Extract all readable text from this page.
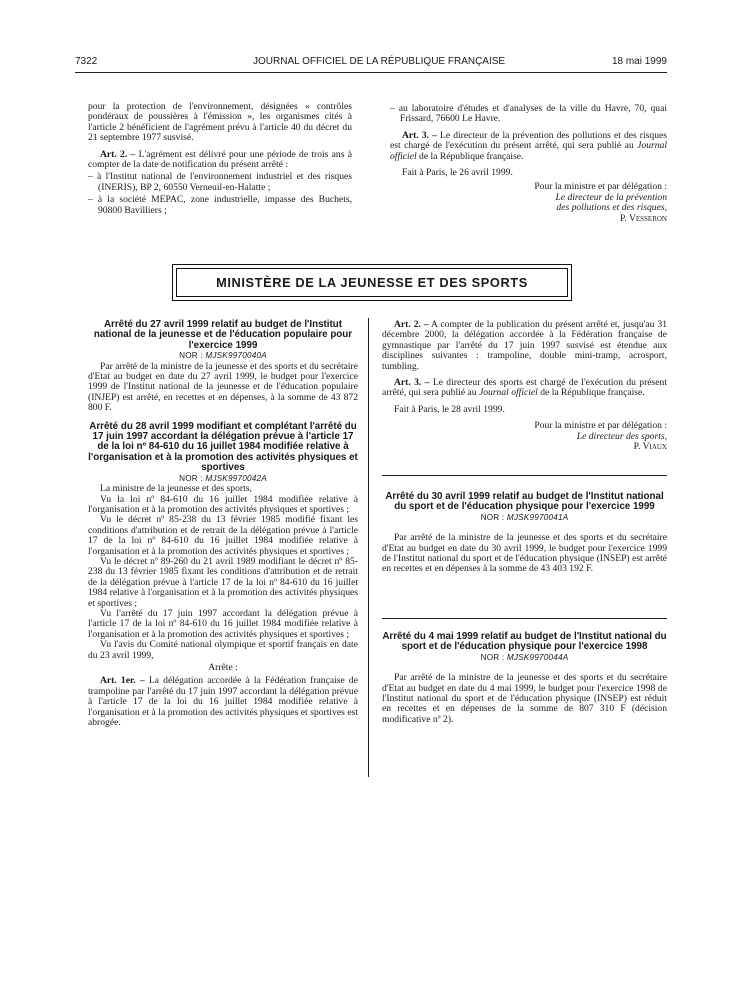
7322	JOURNAL OFFICIEL DE LA RÉPUBLIQUE FRANÇAISE	18 mai 1999

pour la protection de l'environnement, désignées « contrôles pondéraux de poussières à l'émission », les organismes cités à l'article 2 bénéficient de l'agrément prévu à l'article 40 du décret du 21 septembre 1977 susvisé.

Art. 2. – L'agrément est délivré pour une période de trois ans à compter de la date de notification du présent arrêté :

– à l'Institut national de l'environnement industriel et des risques (INERIS), BP 2, 60550 Verneuil-en-Halatte ;

– à la société MEPAC, zone industrielle, impasse des Buchets, 90800 Bavilliers ;

– au laboratoire d'études et d'analyses de la ville du Havre, 70, quai Frissard, 76600 Le Havre.

Art. 3. – Le directeur de la prévention des pollutions et des risques est chargé de l'exécution du présent arrêté, qui sera publié au Journal officiel de la République française.

Fait à Paris, le 26 avril 1999.

Pour la ministre et par délégation :

Le directeur de la prévention

des pollutions et des risques,

P. Vesseron

MINISTÈRE DE LA JEUNESSE ET DES SPORTS

Arrêté du 27 avril 1999 relatif au budget de l'Institut national de la jeunesse et de l'éducation populaire pour l'exercice 1999

NOR : MJSK9970040A

Par arrêté de la ministre de la jeunesse et des sports et du secrétaire d'Etat au budget en date du 27 avril 1999, le budget pour l'exercice 1999 de l'Institut national de la jeunesse et de l'éducation populaire (INJEP) est arrêté, en recettes et en dépenses, à la somme de 43 872 800 F.

Arrêté du 28 avril 1999 modifiant et complétant l'arrêté du 17 juin 1997 accordant la délégation prévue à l'article 17 de la loi nº 84-610 du 16 juillet 1984 modifiée relative à l'organisation et à la promotion des activités physiques et sportives

NOR : MJSK9970042A

La ministre de la jeunesse et des sports,

Vu la loi nº 84-610 du 16 juillet 1984 modifiée relative à l'organisation et à la promotion des activités physiques et sportives ;

Vu le décret nº 85-238 du 13 février 1985 modifié fixant les conditions d'attribution et de retrait de la délégation prévue à l'article 17 de la loi nº 84-610 du 16 juillet 1984 modifiée relative à l'organisation et à la promotion des activités physiques et sportives ;

Vu le décret nº 89-260 du 21 avril 1989 modifiant le décret nº 85-238 du 13 février 1985 fixant les conditions d'attribution et de retrait de la délégation prévue à l'article 17 de la loi nº 84-610 du 16 juillet 1984 relative à l'organisation et à la promotion des activités physiques et sportives ;

Vu l'arrêté du 17 juin 1997 accordant la délégation prévue à l'article 17 de la loi nº 84-610 du 16 juillet 1984 modifiée relative à l'organisation et à la promotion des activités physiques et sportives ;

Vu l'avis du Comité national olympique et sportif français en date du 23 avril 1999,

Arrête :

Art. 1er. – La délégation accordée à la Fédération française de trampoline par l'arrêté du 17 juin 1997 accordant la délégation prévue à l'article 17 de la loi du 16 juillet 1984 modifiée relative à l'organisation et à la promotion des activités physiques et sportives est abrogée.

Art. 2. – A compter de la publication du présent arrêté et, jusqu'au 31 décembre 2000, la délégation accordée à la Fédération française de gymnastique par l'arrêté du 17 juin 1997 susvisé est étendue aux disciplines suivantes : trampoline, double mini-tramp, acrosport, tumbling.

Art. 3. – Le directeur des sports est chargé de l'exécution du présent arrêté, qui sera publié au Journal officiel de la République française.

Fait à Paris, le 28 avril 1999.

Pour la ministre et par délégation :

Le directeur des sports,

P. Viaux

Arrêté du 30 avril 1999 relatif au budget de l'Institut national du sport et de l'éducation physique pour l'exercice 1999

NOR : MJSK9970041A

Par arrêté de la ministre de la jeunesse et des sports et du secrétaire d'Etat au budget en date du 30 avril 1999, le budget pour l'exercice 1999 de l'Institut national du sport et de l'éducation physique (INSEP) est arrêté en recettes et en dépenses à la somme de 43 403 192 F.

Arrêté du 4 mai 1999 relatif au budget de l'Institut national du sport et de l'éducation physique pour l'exercice 1998

NOR : MJSK9970044A

Par arrêté de la ministre de la jeunesse et des sports et du secrétaire d'Etat au budget en date du 4 mai 1999, le budget pour l'exercice 1998 de l'Institut national du sport et de l'éducation physique (INSEP) est réduit en recettes et en dépenses de la somme de 807 310 F (décision modificative nº 2).
